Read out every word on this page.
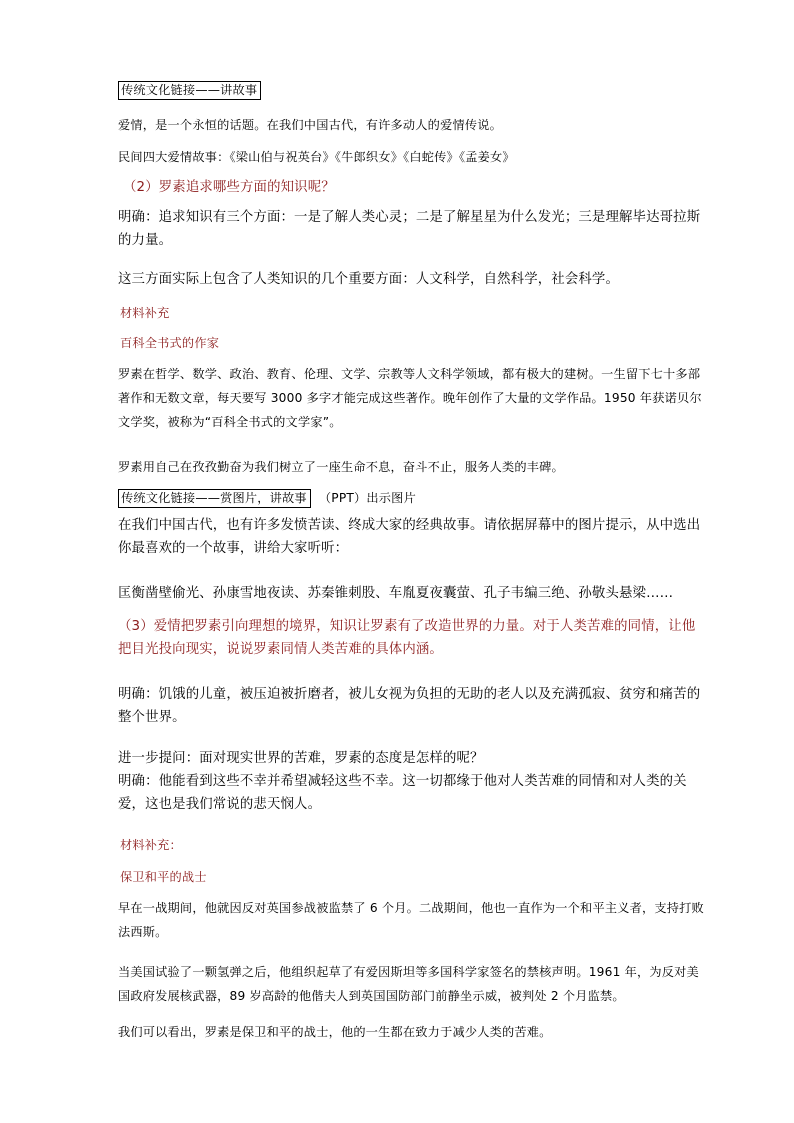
传统文化链接——讲故事
爱情，是一个永恒的话题。在我们中国古代，有许多动人的爱情传说。
民间四大爱情故事：《梁山伯与祝英台》《牛郎织女》《白蛇传》《孟姜女》
（2）罗素追求哪些方面的知识呢？
明确：追求知识有三个方面：一是了解人类心灵；二是了解星星为什么发光；三是理解毕达哥拉斯的力量。
这三方面实际上包含了人类知识的几个重要方面：人文科学，自然科学，社会科学。
材料补充
百科全书式的作家
罗素在哲学、数学、政治、教育、伦理、文学、宗教等人文科学领域，都有极大的建树。一生留下七十多部著作和无数文章，每天要写 3000 多字才能完成这些著作。晚年创作了大量的文学作品。1950 年获诺贝尔文学奖，被称为“百科全书式的文学家”。
罗素用自己在孜孜勤奋为我们树立了一座生命不息，奋斗不止，服务人类的丰碑。
传统文化链接——赏图片，讲故事 （PPT）出示图片
在我们中国古代，也有许多发愤苦读、终成大家的经典故事。请依据屏幕中的图片提示，从中选出你最喜欢的一个故事，讲给大家听听：
匡衡凿壁偷光、孙康雪地夜读、苏秦锥刺股、车胤夏夜囊萤、孔子韦编三绝、孙敬头悬梁……
（3）爱情把罗素引向理想的境界，知识让罗素有了改造世界的力量。对于人类苦难的同情，让他把目光投向现实，说说罗素同情人类苦难的具体内涵。
明确：饥饿的儿童，被压迫被折磨者，被儿女视为负担的无助的老人以及充满孤寂、贫穷和痛苦的整个世界。
进一步提问：面对现实世界的苦难，罗素的态度是怎样的呢？
明确：他能看到这些不幸并希望减轻这些不幸。这一切都缘于他对人类苦难的同情和对人类的关爱，这也是我们常说的悲天悯人。
材料补充：
保卫和平的战士
早在一战期间，他就因反对英国参战被监禁了 6 个月。二战期间，他也一直作为一个和平主义者，支持打败法西斯。
当美国试验了一颗氢弹之后，他组织起草了有爱因斯坦等多国科学家签名的禁核声明。1961 年，为反对美国政府发展核武器，89 岁高龄的他偕夫人到英国国防部门前静坐示威，被判处 2 个月监禁。
我们可以看出，罗素是保卫和平的战士，他的一生都在致力于减少人类的苦难。
